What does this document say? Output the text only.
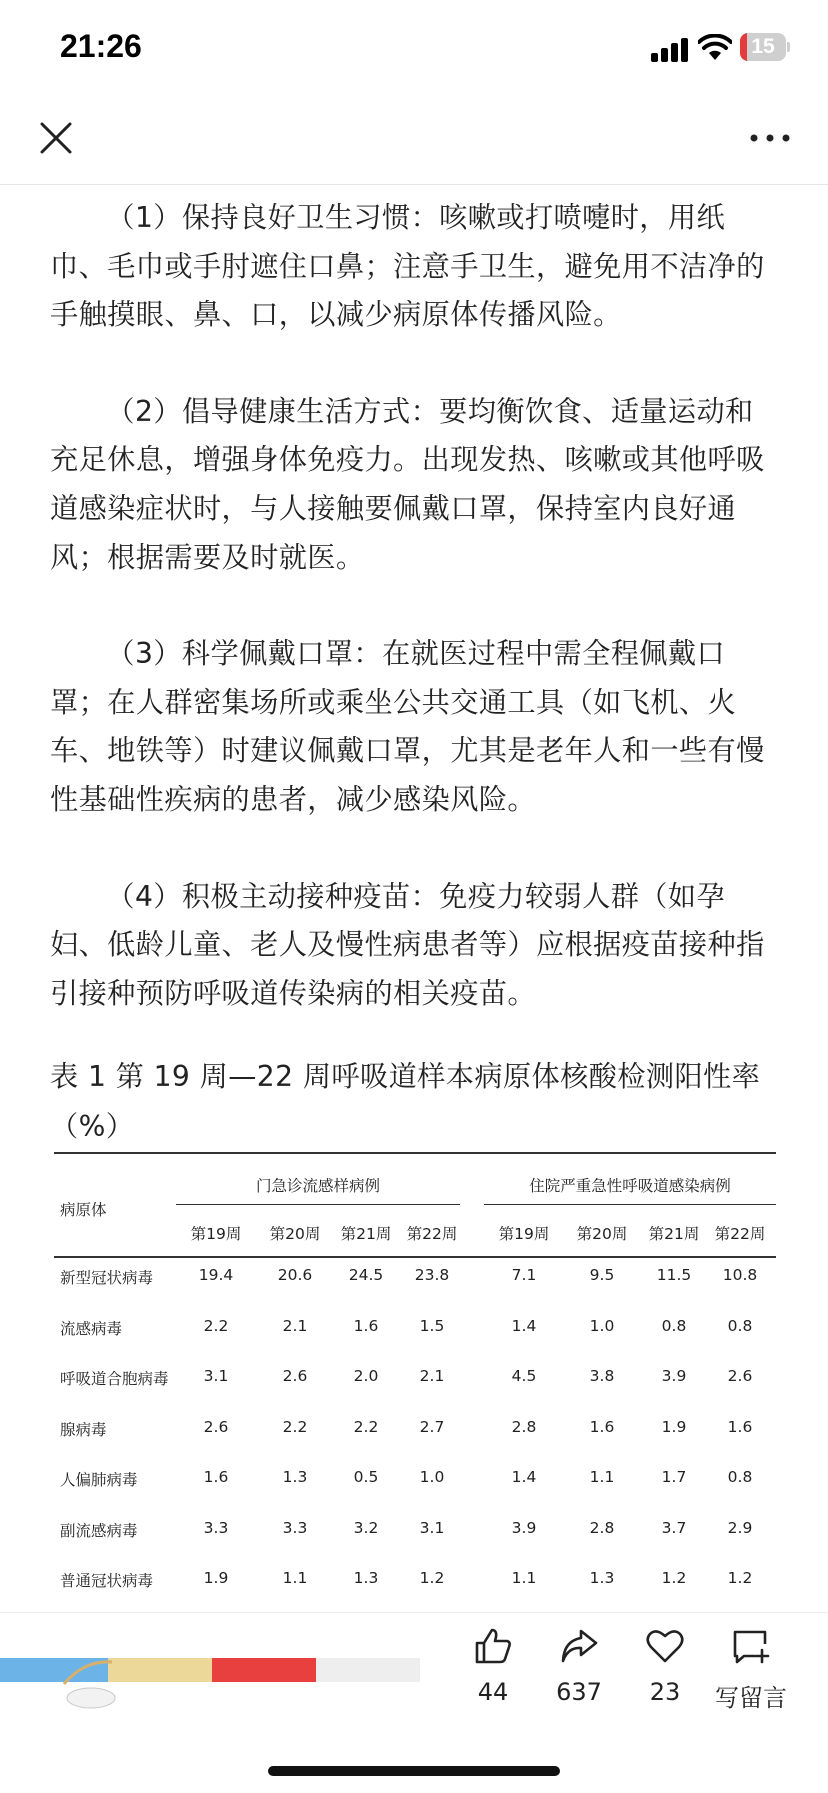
21:26	15

（1）保持良好卫生习惯：咳嗽或打喷嚏时，用纸巾、毛巾或手肘遮住口鼻；注意手卫生，避免用不洁净的手触摸眼、鼻、口，以减少病原体传播风险。

（2）倡导健康生活方式：要均衡饮食、适量运动和充足休息，增强身体免疫力。出现发热、咳嗽或其他呼吸道感染症状时，与人接触要佩戴口罩，保持室内良好通风；根据需要及时就医。

（3）科学佩戴口罩：在就医过程中需全程佩戴口罩；在人群密集场所或乘坐公共交通工具（如飞机、火车、地铁等）时建议佩戴口罩，尤其是老年人和一些有慢性基础性疾病的患者，减少感染风险。

（4）积极主动接种疫苗：免疫力较弱人群（如孕妇、低龄儿童、老人及慢性病患者等）应根据疫苗接种指引接种预防呼吸道传染病的相关疫苗。

表 1 第 19 周—22 周呼吸道样本病原体核酸检测阳性率（%）
病原体
门急诊流感样病例	住院严重急性呼吸道感染病例
第19周	第20周	第21周 第22周	第19周	第20周	第21周 第22周
新型冠状病毒	19.4	20.6	24.5	23.8	7.1	9.5	11.5	10.8
流感病毒	2.2	2.1	1.6	1.5	1.4	1.0	0.8	0.8
呼吸道合胞病毒	3.1	2.6	2.0	2.1	4.5	3.8	3.9	2.6
腺病毒	2.6	2.2	2.2	2.7	2.8	1.6	1.9	1.6
人偏肺病毒	1.6	1.3	0.5	1.0	1.4	1.1	1.7	0.8
副流感病毒	3.3	3.3	3.2	3.1	3.9	2.8	3.7	2.9
普通冠状病毒	1.9	1.1	1.3	1.2	1.1	1.3	1.2	1.2
44	637	23	写留言
